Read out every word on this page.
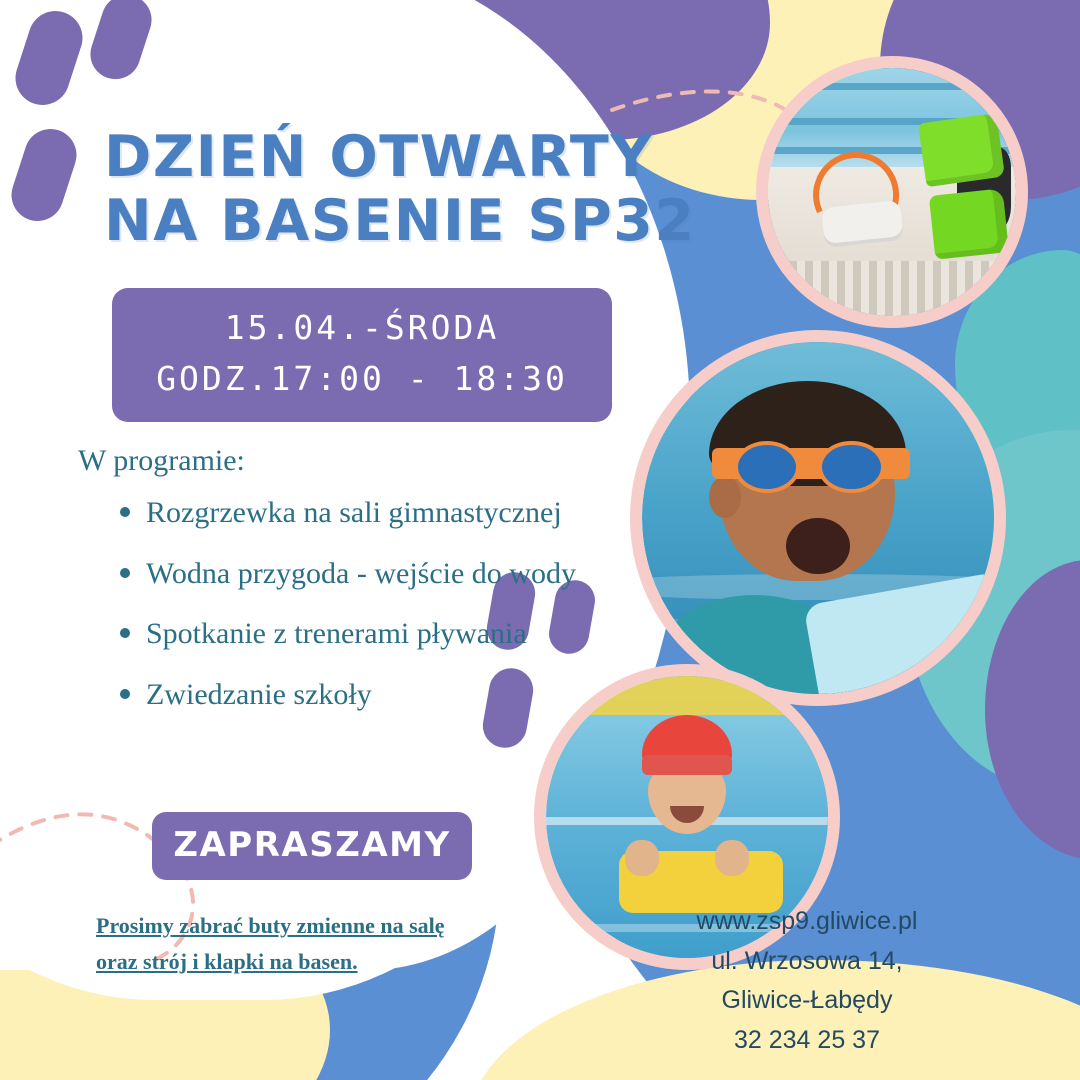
DZIEŃ OTWARTY
NA BASENIE SP32
15.04.-ŚRODA
GODZ.17:00 - 18:30
W programie:
Rozgrzewka na sali gimnastycznej
Wodna przygoda - wejście do wody
Spotkanie z trenerami pływania
Zwiedzanie szkoły
ZAPRASZAMY
Prosimy zabrać buty zmienne na salę
oraz strój i klapki na basen.
www.zsp9.gliwice.pl
ul. Wrzosowa 14,
Gliwice-Łabędy
32 234 25 37
